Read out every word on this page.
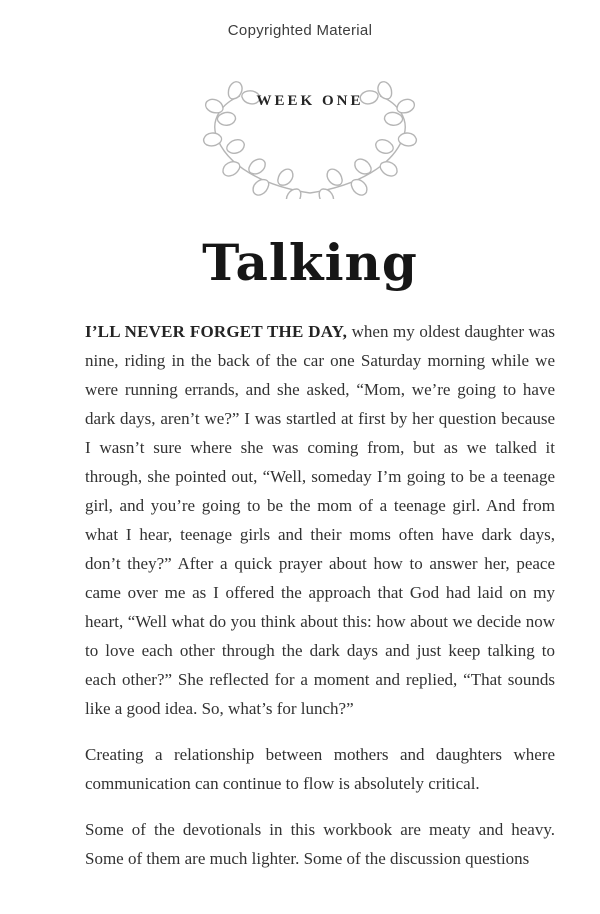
Copyrighted Material
WEEK ONE
Talking

I’LL NEVER FORGET THE DAY, when my oldest daughter was nine, riding in the back of the car one Saturday morning while we were running errands, and she asked, “Mom, we’re going to have dark days, aren’t we?” I was startled at first by her question because I wasn’t sure where she was coming from, but as we talked it through, she pointed out, “Well, someday I’m going to be a teenage girl, and you’re going to be the mom of a teenage girl. And from what I hear, teenage girls and their moms often have dark days, don’t they?” After a quick prayer about how to answer her, peace came over me as I offered the approach that God had laid on my heart, “Well what do you think about this: how about we decide now to love each other through the dark days and just keep talking to each other?” She reflected for a moment and replied, “That sounds like a good idea. So, what’s for lunch?”

Creating a relationship between mothers and daughters where communication can continue to flow is absolutely critical.

Some of the devotionals in this workbook are meaty and heavy. Some of them are much lighter. Some of the discussion questions
